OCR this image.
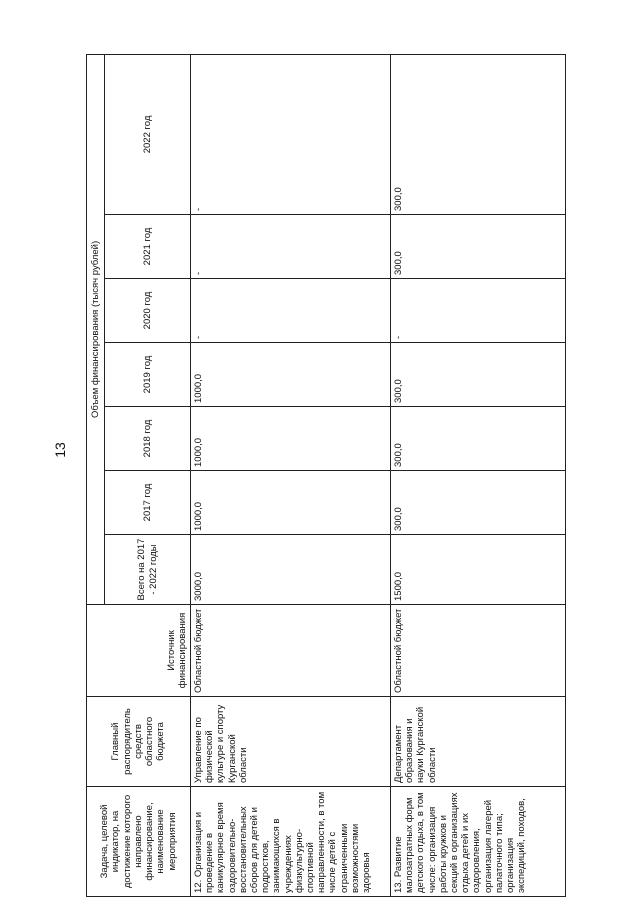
13
Задача, целевой индикатор, на достижение которого направлено финансирование, наименование мероприятия	Главный распорядитель средств областного бюджета	Источник финансирования	Объем финансирования (тысяч рублей)						
			Всего на 2017 - 2022 годы	2017 год	2018 год	2019 год	2020 год	2021 год	2022 год
12. Организация и проведение в каникулярное время оздоровительно-восстановительных сборов для детей и подростков, занимающихся в учреждениях физкультурно-спортивной направленности, в том числе детей с ограниченными возможностями здоровья	Управление по физической культуре и спорту Курганской области	Областной бюджет	3000,0	1000,0	1000,0	1000,0	-	-	-
13. Развитие малозатратных форм детского отдыха, в том числе: организация работы кружков и секций в организациях отдыха детей и их оздоровления, организация лагерей палаточного типа; организация экспедиций, походов,	Департамент образования и науки Курганской области	Областной бюджет	1500,0	300,0	300,0	300,0	-	300,0	300,0
